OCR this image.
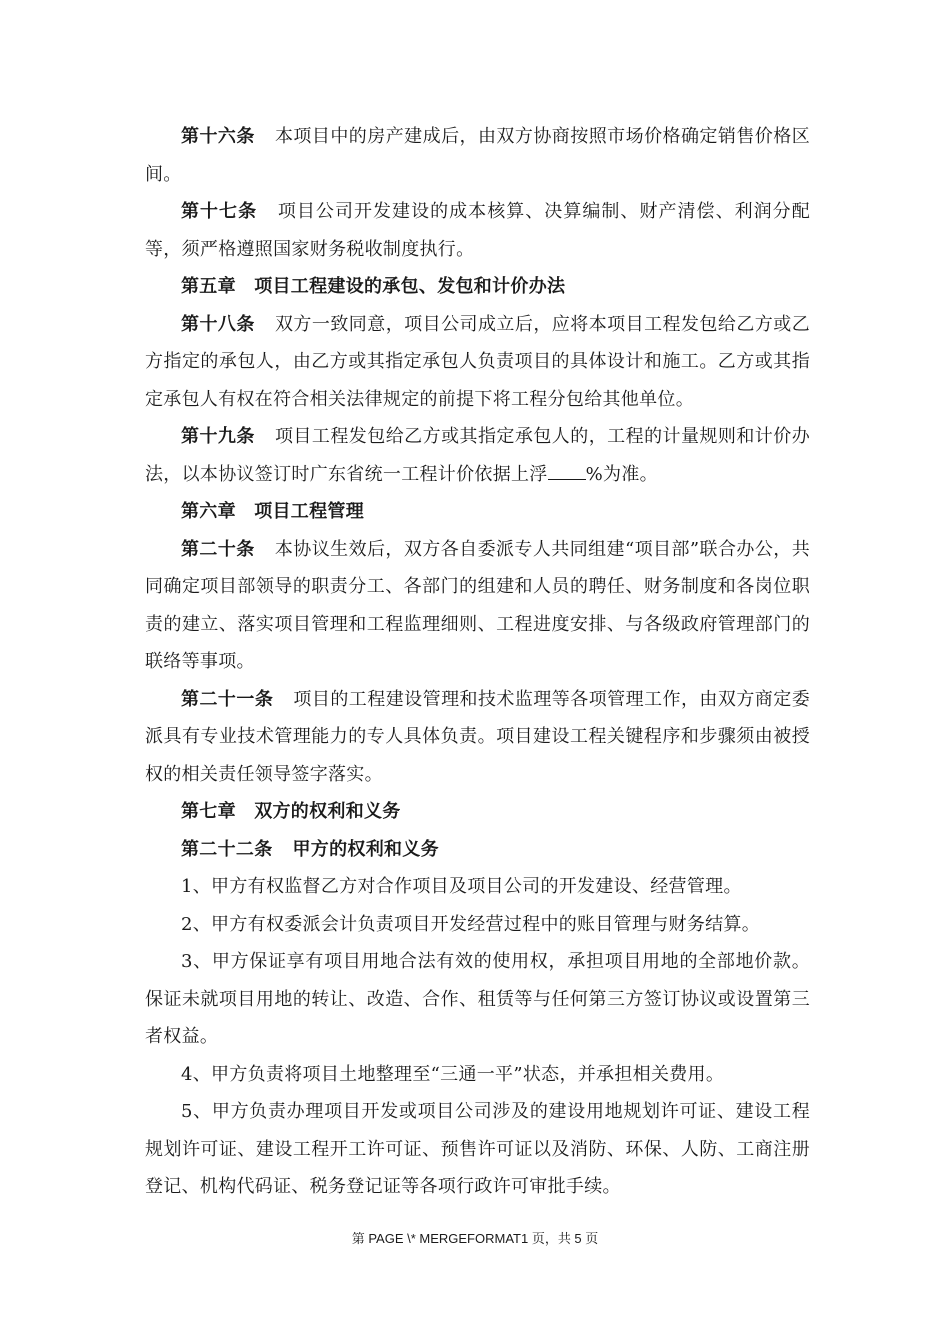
第十六条 本项目中的房产建成后，由双方协商按照市场价格确定销售价格区间。

第十七条 项目公司开发建设的成本核算、决算编制、财产清偿、利润分配等，须严格遵照国家财务税收制度执行。

第五章　项目工程建设的承包、发包和计价办法

第十八条 双方一致同意，项目公司成立后，应将本项目工程发包给乙方或乙方指定的承包人，由乙方或其指定承包人负责项目的具体设计和施工。乙方或其指定承包人有权在符合相关法律规定的前提下将工程分包给其他单位。

第十九条 项目工程发包给乙方或其指定承包人的，工程的计量规则和计价办法，以本协议签订时广东省统一工程计价依据上浮 %为准。

第六章　项目工程管理

第二十条 本协议生效后，双方各自委派专人共同组建“项目部”联合办公，共同确定项目部领导的职责分工、各部门的组建和人员的聘任、财务制度和各岗位职责的建立、落实项目管理和工程监理细则、工程进度安排、与各级政府管理部门的联络等事项。

第二十一条 项目的工程建设管理和技术监理等各项管理工作，由双方商定委派具有专业技术管理能力的专人具体负责。项目建设工程关键程序和步骤须由被授权的相关责任领导签字落实。

第七章　双方的权利和义务

第二十二条 甲方的权利和义务

1、甲方有权监督乙方对合作项目及项目公司的开发建设、经营管理。

2、甲方有权委派会计负责项目开发经营过程中的账目管理与财务结算。

3、甲方保证享有项目用地合法有效的使用权，承担项目用地的全部地价款。保证未就项目用地的转让、改造、合作、租赁等与任何第三方签订协议或设置第三者权益。

4、甲方负责将项目土地整理至“三通一平”状态，并承担相关费用。

5、甲方负责办理项目开发或项目公司涉及的建设用地规划许可证、建设工程规划许可证、建设工程开工许可证、预售许可证以及消防、环保、人防、工商注册登记、机构代码证、税务登记证等各项行政许可审批手续。

第 PAGE \* MERGEFORMAT1 页，共 5 页
